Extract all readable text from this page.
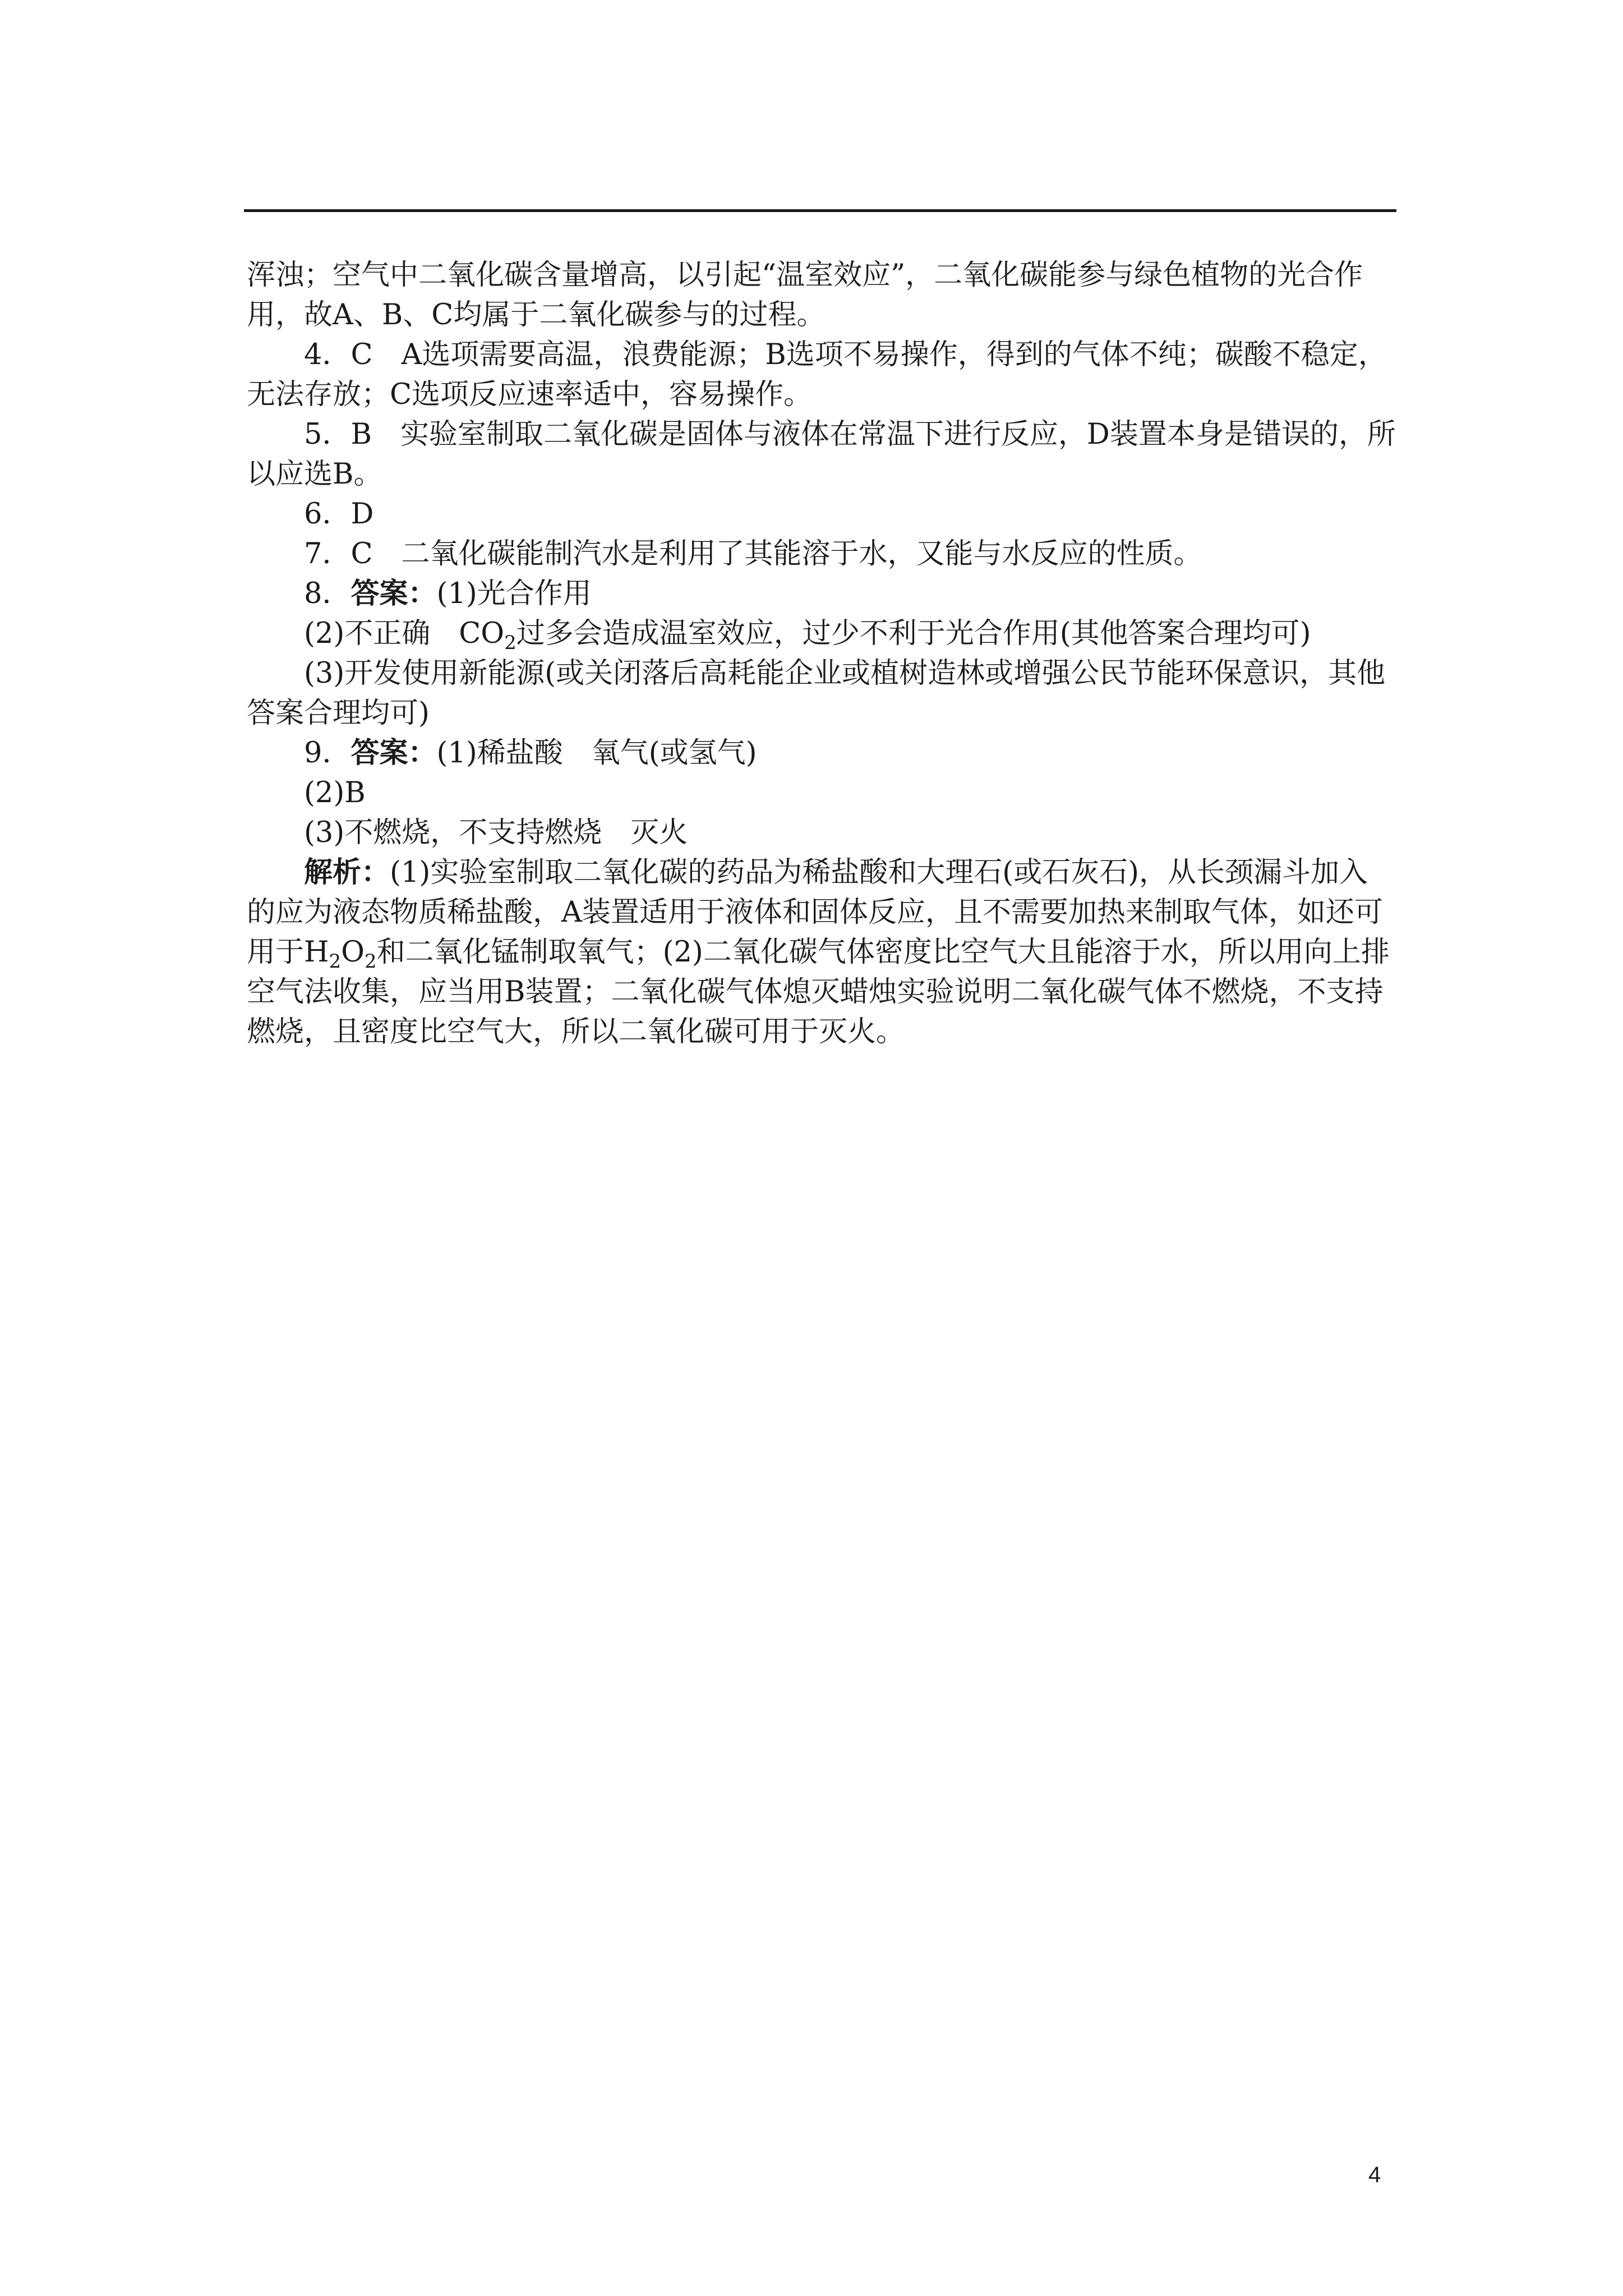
浑浊；空气中二氧化碳含量增高，以引起“温室效应”，二氧化碳能参与绿色植物的光合作

用，故A、B、C均属于二氧化碳参与的过程。

4．C　A选项需要高温，浪费能源；B选项不易操作，得到的气体不纯；碳酸不稳定，

无法存放；C选项反应速率适中，容易操作。

5．B　实验室制取二氧化碳是固体与液体在常温下进行反应，D装置本身是错误的，所

以应选B。

6．D

7．C　二氧化碳能制汽水是利用了其能溶于水，又能与水反应的性质。

8．答案：(1)光合作用

(2)不正确　$CO_2$过多会造成温室效应，过少不利于光合作用(其他答案合理均可)

(3)开发使用新能源(或关闭落后高耗能企业或植树造林或增强公民节能环保意识，其他

答案合理均可)

9．答案：(1)稀盐酸　氧气(或氢气)

(2)B

(3)不燃烧，不支持燃烧　灭火

解析：(1)实验室制取二氧化碳的药品为稀盐酸和大理石(或石灰石)，从长颈漏斗加入

的应为液态物质稀盐酸，A装置适用于液体和固体反应，且不需要加热来制取气体，如还可

用于$H_2O_2$和二氧化锰制取氧气；(2)二氧化碳气体密度比空气大且能溶于水，所以用向上排

空气法收集，应当用B装置；二氧化碳气体熄灭蜡烛实验说明二氧化碳气体不燃烧，不支持

燃烧，且密度比空气大，所以二氧化碳可用于灭火。

4
